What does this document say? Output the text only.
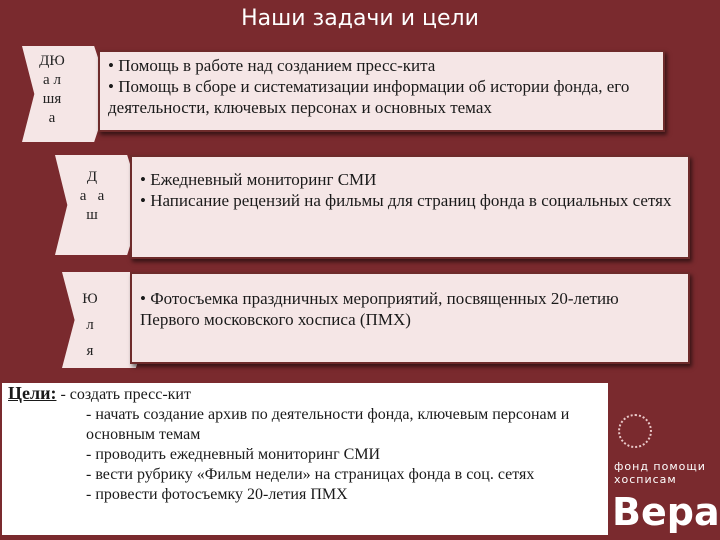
Наши задачи и цели
ДЮ
а л
шя
а

• Помощь в работе над созданием пресс-кита

• Помощь в сборе и систематизации информации об истории фонда, его деятельности, ключевых персонах и основных темах

Д
а   а
ш

• Ежедневный мониторинг СМИ

• Написание рецензий на фильмы для страниц фонда в социальных сетях

Ю
л
я

• Фотосъемка праздничных мероприятий, посвященных 20-летию Первого московского хосписа (ПМХ)

Цели: - создать пресс-кит
- начать создание архив по деятельности фонда, ключевым персонам и основным темам
- проводить ежедневный мониторинг СМИ
- вести рубрику «Фильм недели» на страницах фонда в соц. сетях
- провести фотосъемку 20-летия ПМХ
фонд помощи
хосписам
Вера
